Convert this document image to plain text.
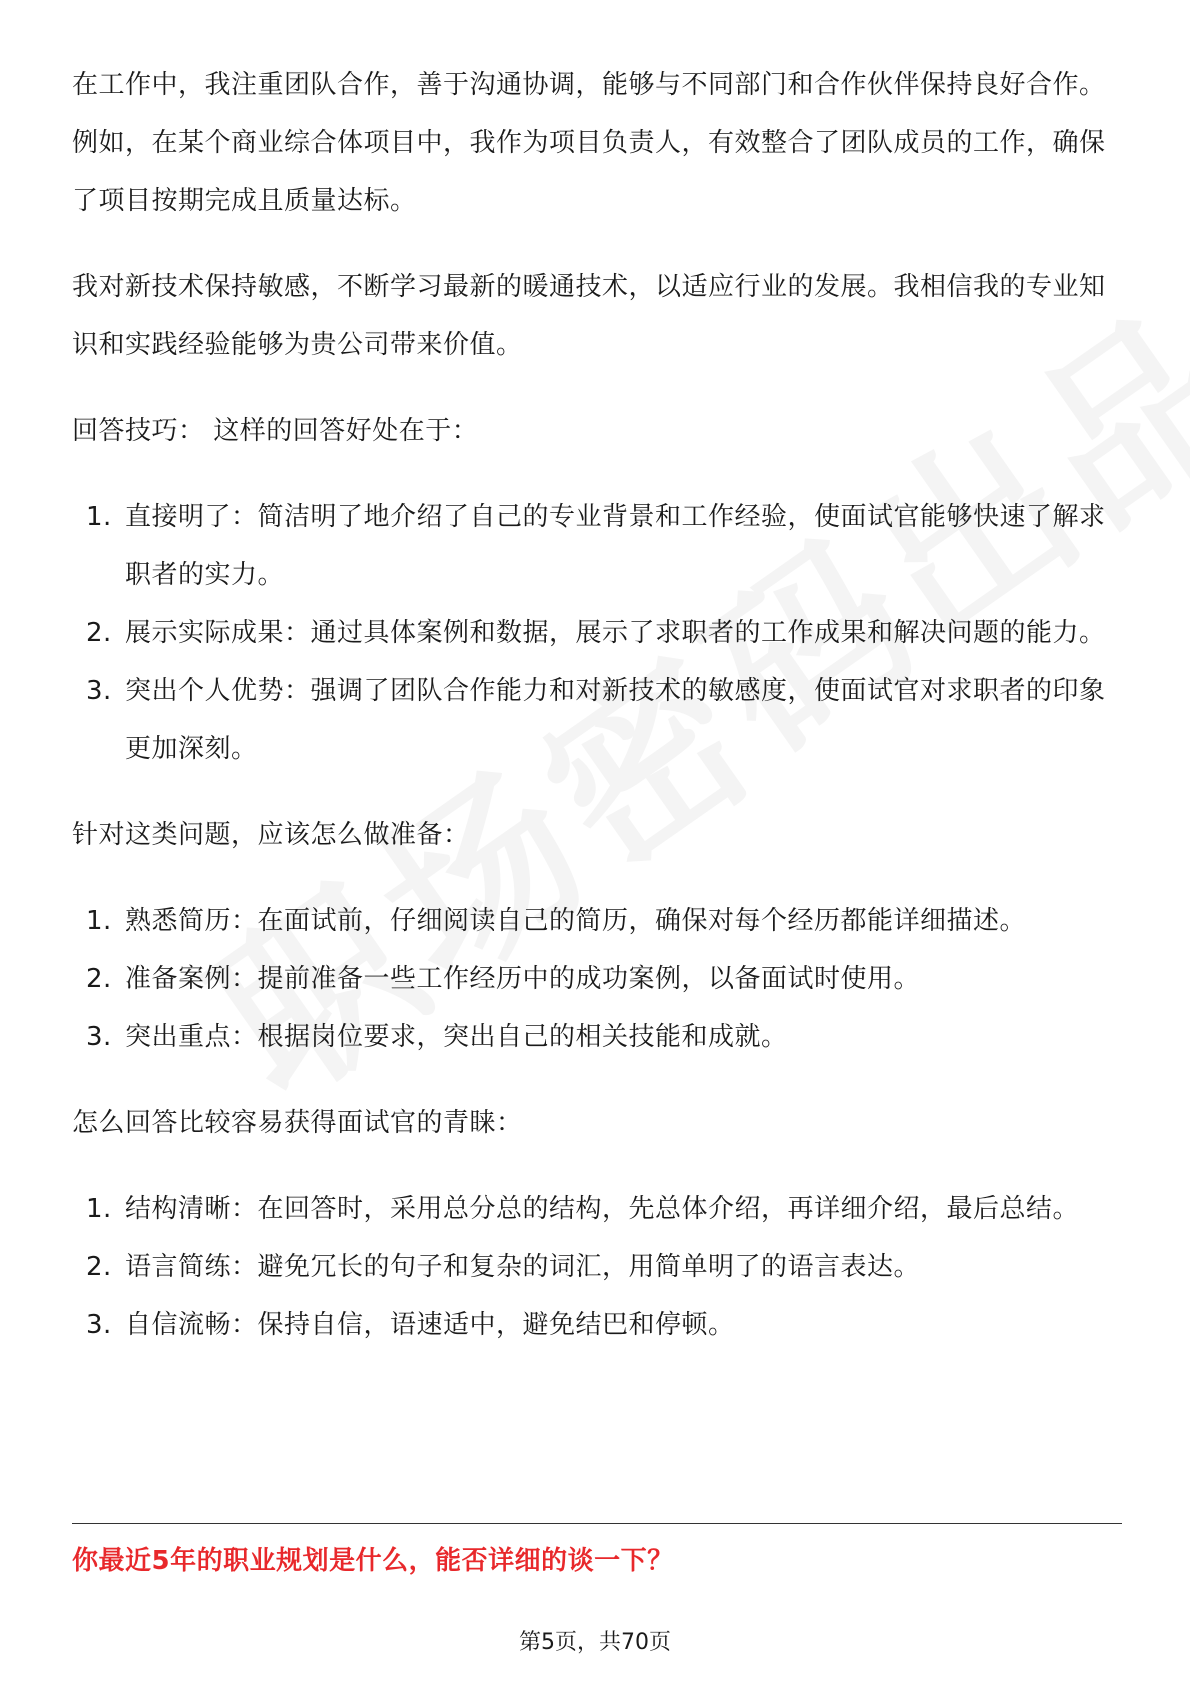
在工作中，我注重团队合作，善于沟通协调，能够与不同部门和合作伙伴保持良好合作。例如，在某个商业综合体项目中，我作为项目负责人，有效整合了团队成员的工作，确保了项目按期完成且质量达标。

我对新技术保持敏感，不断学习最新的暖通技术，以适应行业的发展。我相信我的专业知识和实践经验能够为贵公司带来价值。

回答技巧： 这样的回答好处在于：
1. 直接明了：简洁明了地介绍了自己的专业背景和工作经验，使面试官能够快速了解求职者的实力。
2. 展示实际成果：通过具体案例和数据，展示了求职者的工作成果和解决问题的能力。
3. 突出个人优势：强调了团队合作能力和对新技术的敏感度，使面试官对求职者的印象更加深刻。
针对这类问题，应该怎么做准备：
1. 熟悉简历：在面试前，仔细阅读自己的简历，确保对每个经历都能详细描述。
2. 准备案例：提前准备一些工作经历中的成功案例，以备面试时使用。
3. 突出重点：根据岗位要求，突出自己的相关技能和成就。
怎么回答比较容易获得面试官的青睐：
1. 结构清晰：在回答时，采用总分总的结构，先总体介绍，再详细介绍，最后总结。
2. 语言简练：避免冗长的句子和复杂的词汇，用简单明了的语言表达。
3. 自信流畅：保持自信，语速适中，避免结巴和停顿。
你最近5年的职业规划是什么，能否详细的谈一下？
第5页，共70页
